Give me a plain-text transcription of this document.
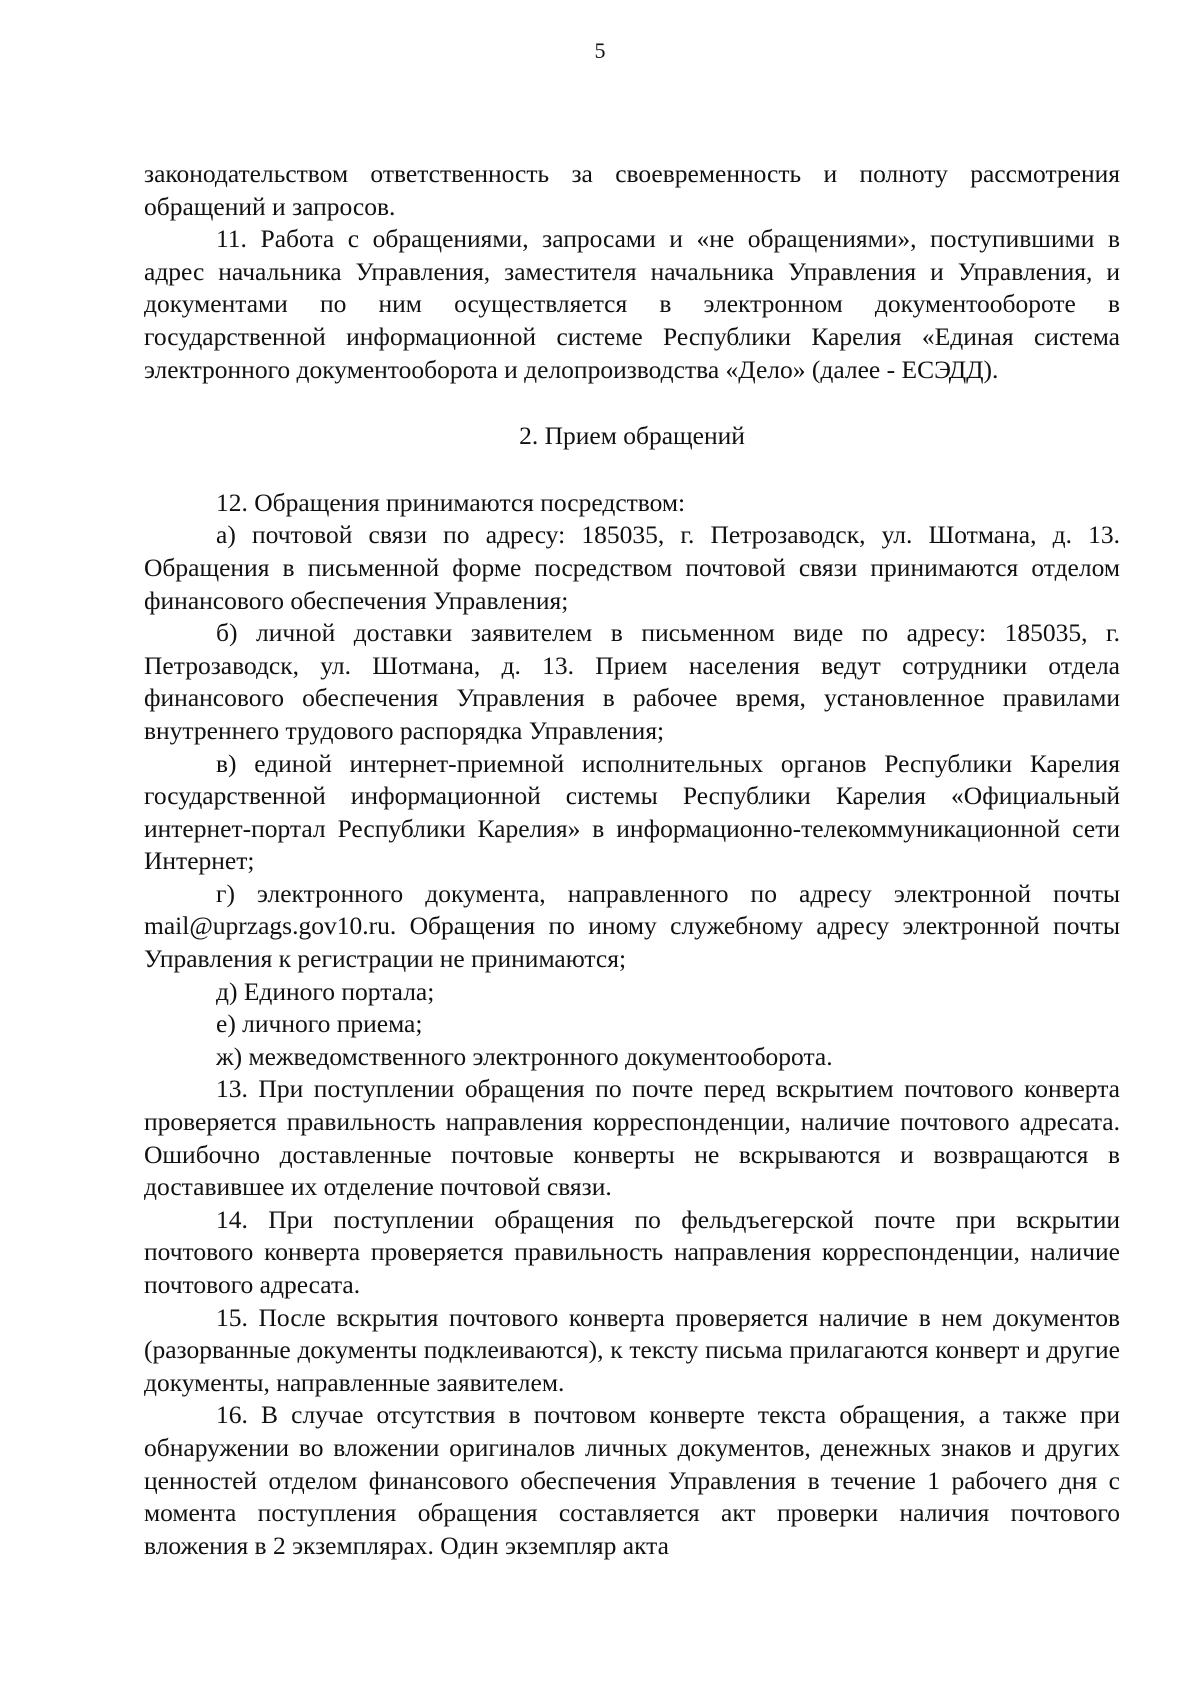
5

законодательством ответственность за своевременность и полноту рассмотрения обращений и запросов.

11. Работа с обращениями, запросами и «не обращениями», поступившими в адрес начальника Управления, заместителя начальника Управления и Управления, и документами по ним осуществляется в электронном документообороте в государственной информационной системе Республики Карелия «Единая система электронного документооборота и делопроизводства «Дело» (далее - ЕСЭДД).

2. Прием обращений

12. Обращения принимаются посредством:

а) почтовой связи по адресу: 185035, г. Петрозаводск, ул. Шотмана, д. 13. Обращения в письменной форме посредством почтовой связи принимаются отделом финансового обеспечения Управления;

б) личной доставки заявителем в письменном виде по адресу: 185035, г. Петрозаводск, ул. Шотмана, д. 13. Прием населения ведут сотрудники отдела финансового обеспечения Управления в рабочее время, установленное правилами внутреннего трудового распорядка Управления;

в) единой интернет-приемной исполнительных органов Республики Карелия государственной информационной системы Республики Карелия «Официальный интернет-портал Республики Карелия» в информационно-телекоммуникационной сети Интернет;

г) электронного документа, направленного по адресу электронной почты mail@uprzags.gov10.ru. Обращения по иному служебному адресу электронной почты Управления к регистрации не принимаются;

д) Единого портала;

е) личного приема;

ж) межведомственного электронного документооборота.

13. При поступлении обращения по почте перед вскрытием почтового конверта проверяется правильность направления корреспонденции, наличие почтового адресата. Ошибочно доставленные почтовые конверты не вскрываются и возвращаются в доставившее их отделение почтовой связи.

14. При поступлении обращения по фельдъегерской почте при вскрытии почтового конверта проверяется правильность направления корреспонденции, наличие почтового адресата.

15. После вскрытия почтового конверта проверяется наличие в нем документов (разорванные документы подклеиваются), к тексту письма прилагаются конверт и другие документы, направленные заявителем.

16. В случае отсутствия в почтовом конверте текста обращения, а также при обнаружении во вложении оригиналов личных документов, денежных знаков и других ценностей отделом финансового обеспечения Управления в течение 1 рабочего дня с момента поступления обращения составляется акт проверки наличия почтового вложения в 2 экземплярах. Один экземпляр акта
